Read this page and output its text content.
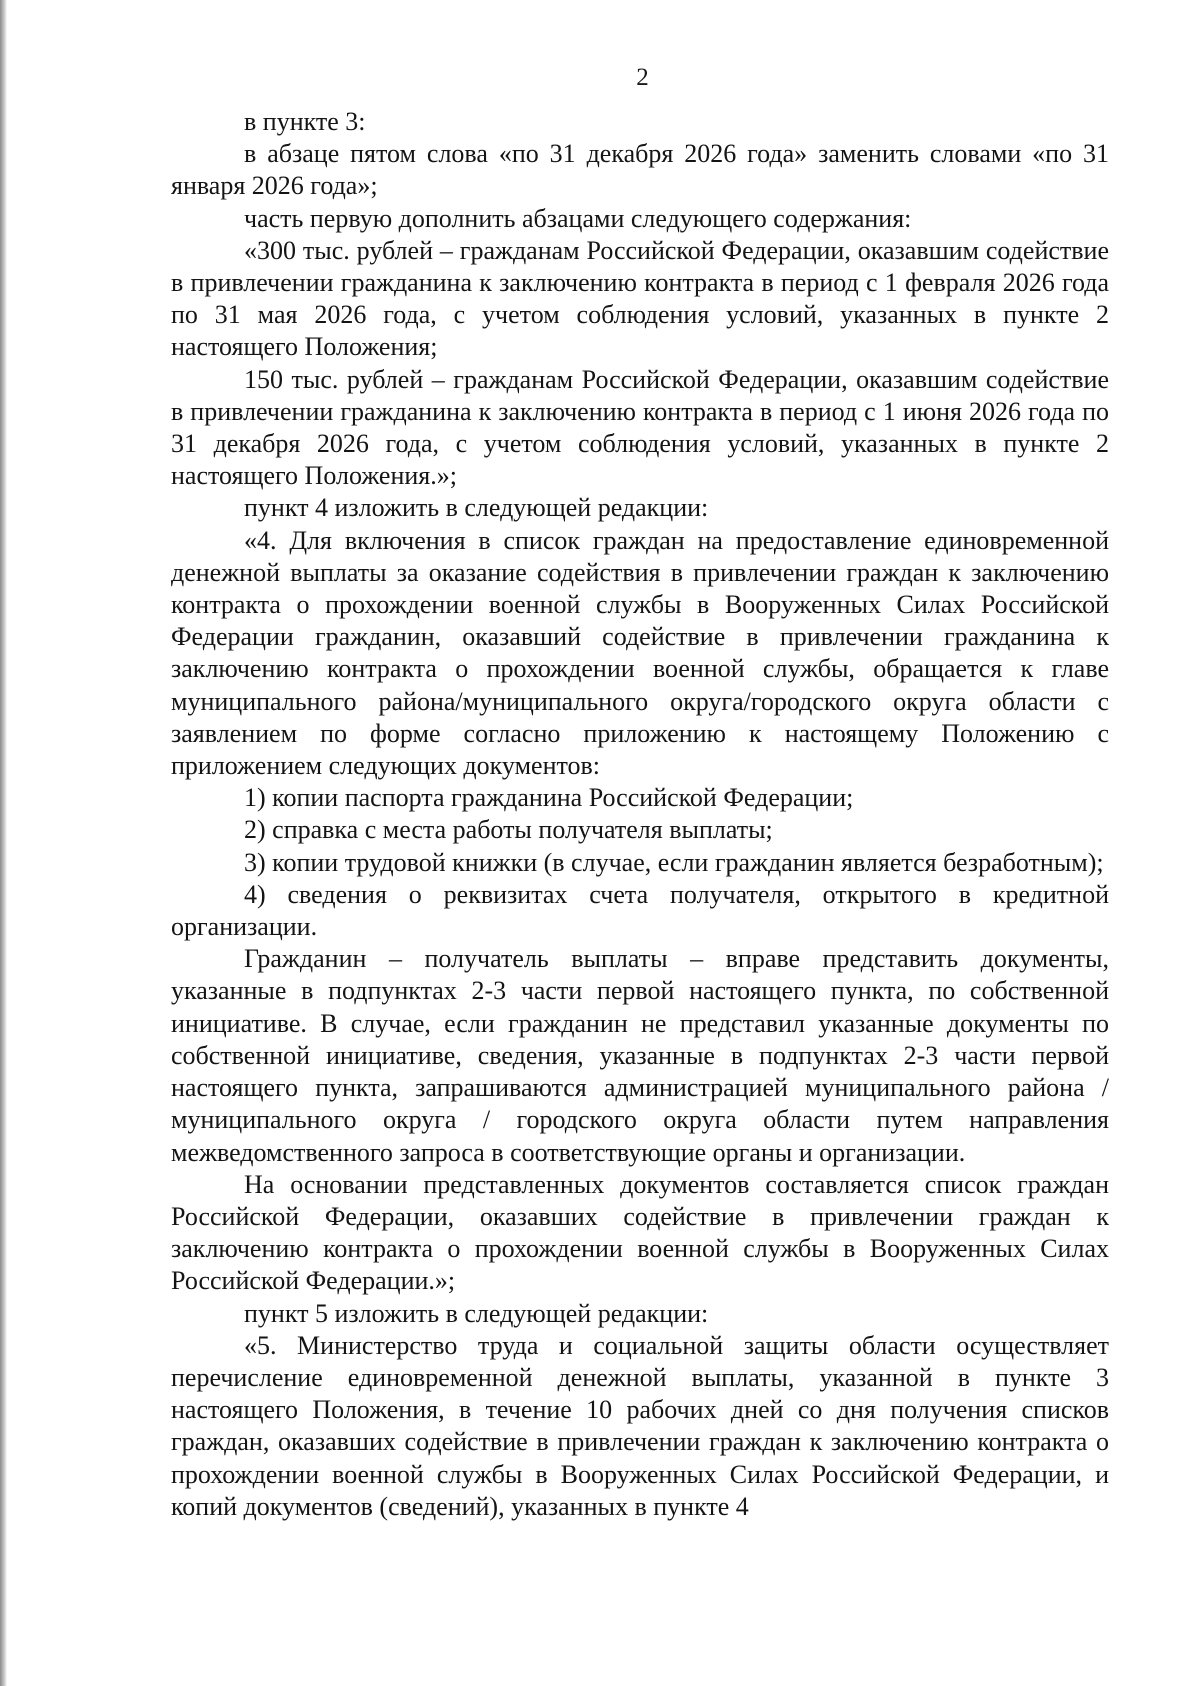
2

в пункте 3:

в абзаце пятом слова «по 31 декабря 2026 года» заменить словами «по 31 января 2026 года»;

часть первую дополнить абзацами следующего содержания:

«300 тыс. рублей – гражданам Российской Федерации, оказавшим содействие в привлечении гражданина к заключению контракта в период с 1 февраля 2026 года по 31 мая 2026 года, с учетом соблюдения условий, указанных в пункте 2 настоящего Положения;

150 тыс. рублей – гражданам Российской Федерации, оказавшим содействие в привлечении гражданина к заключению контракта в период с 1 июня 2026 года по 31 декабря 2026 года, с учетом соблюдения условий, указанных в пункте 2 настоящего Положения.»;

пункт 4 изложить в следующей редакции:

«4. Для включения в список граждан на предоставление единовременной денежной выплаты за оказание содействия в привлечении граждан к заключению контракта о прохождении военной службы в Вооруженных Силах Российской Федерации гражданин, оказавший содействие в привлечении гражданина к заключению контракта о прохождении военной службы, обращается к главе муниципального района/муниципального округа/городского округа области с заявлением по форме согласно приложению к настоящему Положению с приложением следующих документов:

1) копии паспорта гражданина Российской Федерации;

2) справка с места работы получателя выплаты;

3) копии трудовой книжки (в случае, если гражданин является безработным);

4) сведения о реквизитах счета получателя, открытого в кредитной организации.

Гражданин – получатель выплаты – вправе представить документы, указанные в подпунктах 2-3 части первой настоящего пункта, по собственной инициативе. В случае, если гражданин не представил указанные документы по собственной инициативе, сведения, указанные в подпунктах 2-3 части первой настоящего пункта, запрашиваются администрацией муниципального района / муниципального округа / городского округа области путем направления межведомственного запроса в соответствующие органы и организации.

На основании представленных документов составляется список граждан Российской Федерации, оказавших содействие в привлечении граждан к заключению контракта о прохождении военной службы в Вооруженных Силах Российской Федерации.»;

пункт 5 изложить в следующей редакции:

«5. Министерство труда и социальной защиты области осуществляет перечисление единовременной денежной выплаты, указанной в пункте 3 настоящего Положения, в течение 10 рабочих дней со дня получения списков граждан, оказавших содействие в привлечении граждан к заключению контракта о прохождении военной службы в Вооруженных Силах Российской Федерации, и копий документов (сведений), указанных в пункте 4
